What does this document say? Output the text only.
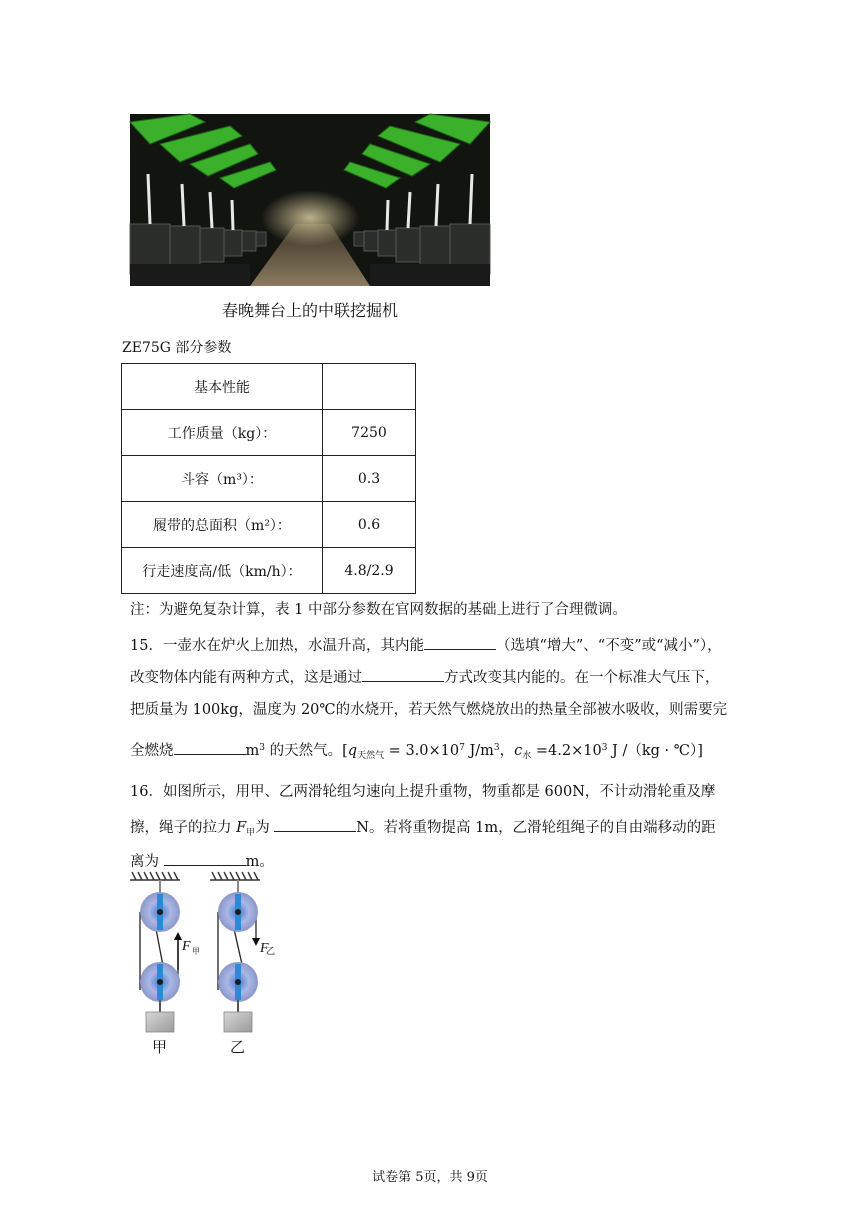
春晚舞台上的中联挖掘机
ZE75G 部分参数
基本性能	
工作质量（kg）：	7250
斗容（m³）：	0.3
履带的总面积（m²）：	0.6
行走速度高/低（km/h）：	4.8/2.9
注：为避免复杂计算，表 1 中部分参数在官网数据的基础上进行了合理微调。
15．一壶水在炉火上加热，水温升高，其内能	（选填“增大”、“不变”或“减小”），
改变物体内能有两种方式，这是通过	方式改变其内能的。在一个标准大气压下，
把质量为 100kg，温度为 20℃的水烧开，若天然气燃烧放出的热量全部被水吸收，则需要完
全燃烧	$m^3$ 的天然气。[$q_{天然气} = 3.0\times 10^7$ $J/m^3$，$c_水 =4.2\times 10^3$ J /（kg · ℃）]
16．如图所示，用甲、乙两滑轮组匀速向上提升重物，物重都是 600N，不计动滑轮重及摩
擦，绳子的拉力 $F_甲$为	N。若将重物提高 1m，乙滑轮组绳子的自由端移动的距
离为	m。
F 甲	F
甲	乙
乙
试卷第 5页，共 9页
